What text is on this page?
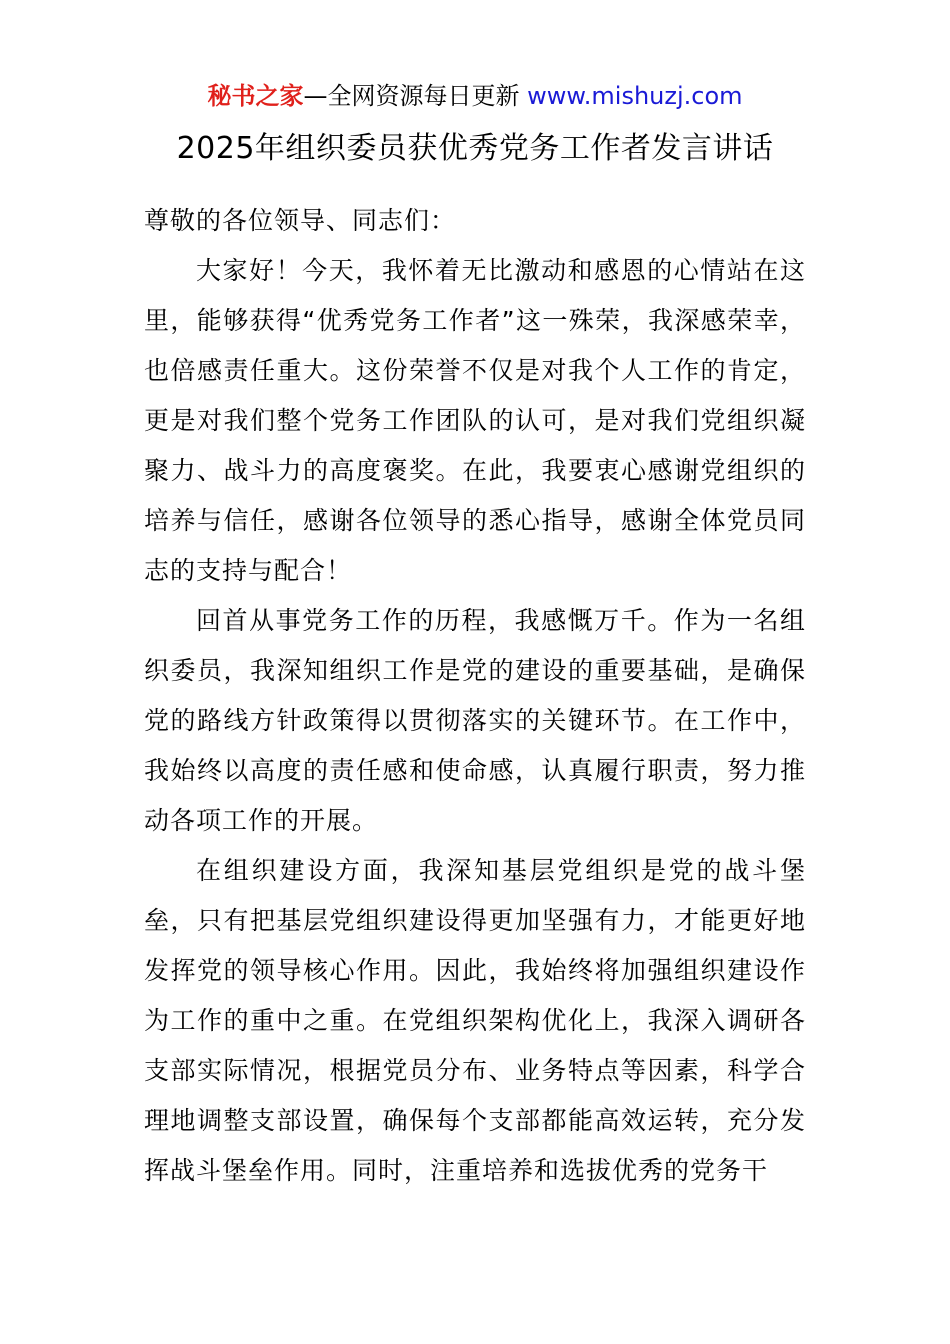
秘书之家—全网资源每日更新 www.mishuzj.com
2025年组织委员获优秀党务工作者发言讲话

尊敬的各位领导、同志们：

大家好！今天，我怀着无比激动和感恩的心情站在这里，能够获得“优秀党务工作者”这一殊荣，我深感荣幸，也倍感责任重大。这份荣誉不仅是对我个人工作的肯定，更是对我们整个党务工作团队的认可，是对我们党组织凝聚力、战斗力的高度褒奖。在此，我要衷心感谢党组织的培养与信任，感谢各位领导的悉心指导，感谢全体党员同志的支持与配合！

回首从事党务工作的历程，我感慨万千。作为一名组织委员，我深知组织工作是党的建设的重要基础，是确保党的路线方针政策得以贯彻落实的关键环节。在工作中，我始终以高度的责任感和使命感，认真履行职责，努力推动各项工作的开展。

在组织建设方面，我深知基层党组织是党的战斗堡垒，只有把基层党组织建设得更加坚强有力，才能更好地发挥党的领导核心作用。因此，我始终将加强组织建设作为工作的重中之重。在党组织架构优化上，我深入调研各支部实际情况，根据党员分布、业务特点等因素，科学合理地调整支部设置，确保每个支部都能高效运转，充分发挥战斗堡垒作用。同时，注重培养和选拔优秀的党务干
